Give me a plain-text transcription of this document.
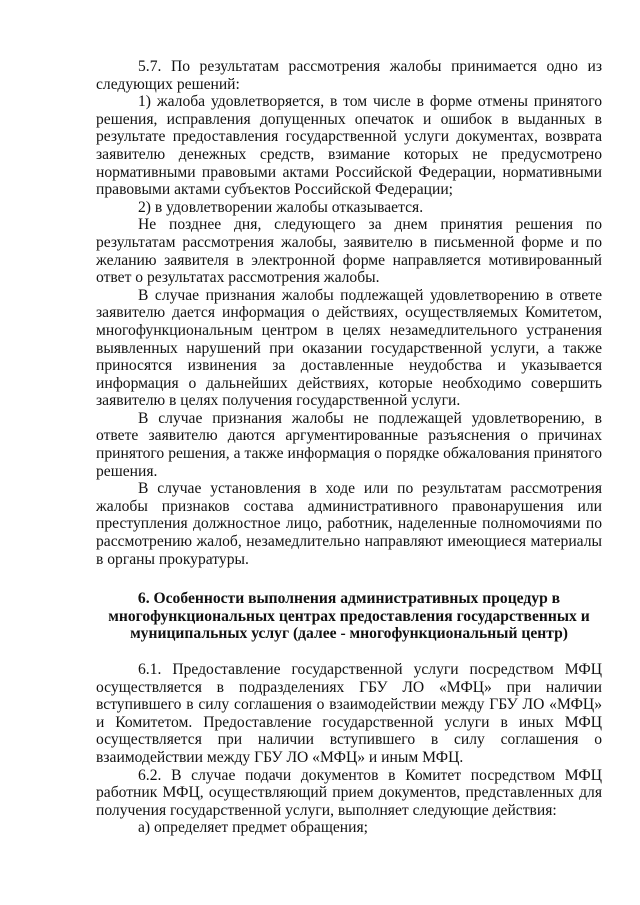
5.7. По результатам рассмотрения жалобы принимается одно из следующих решений:

1) жалоба удовлетворяется, в том числе в форме отмены принятого решения, исправления допущенных опечаток и ошибок в выданных в результате предоставления государственной услуги документах, возврата заявителю денежных средств, взимание которых не предусмотрено нормативными правовыми актами Российской Федерации, нормативными правовыми актами субъектов Российской Федерации;

2) в удовлетворении жалобы отказывается.

Не позднее дня, следующего за днем принятия решения по результатам рассмотрения жалобы, заявителю в письменной форме и по желанию заявителя в электронной форме направляется мотивированный ответ о результатах рассмотрения жалобы.

В случае признания жалобы подлежащей удовлетворению в ответе заявителю дается информация о действиях, осуществляемых Комитетом, многофункциональным центром в целях незамедлительного устранения выявленных нарушений при оказании государственной услуги, а также приносятся извинения за доставленные неудобства и указывается информация о дальнейших действиях, которые необходимо совершить заявителю в целях получения государственной услуги.

В случае признания жалобы не подлежащей удовлетворению, в ответе заявителю даются аргументированные разъяснения о причинах принятого решения, а также информация о порядке обжалования принятого решения.

В случае установления в ходе или по результатам рассмотрения жалобы признаков состава административного правонарушения или преступления должностное лицо, работник, наделенные полномочиями по рассмотрению жалоб, незамедлительно направляют имеющиеся материалы в органы прокуратуры.

6. Особенности выполнения административных процедур в многофункциональных центрах предоставления государственных и муниципальных услуг (далее - многофункциональный центр)

6.1. Предоставление государственной услуги посредством МФЦ осуществляется в подразделениях ГБУ ЛО «МФЦ» при наличии вступившего в силу соглашения о взаимодействии между ГБУ ЛО «МФЦ» и Комитетом. Предоставление государственной услуги в иных МФЦ осуществляется при наличии вступившего в силу соглашения о взаимодействии между ГБУ ЛО «МФЦ» и иным МФЦ.

6.2. В случае подачи документов в Комитет посредством МФЦ работник МФЦ, осуществляющий прием документов, представленных для получения государственной услуги, выполняет следующие действия:

а) определяет предмет обращения;
